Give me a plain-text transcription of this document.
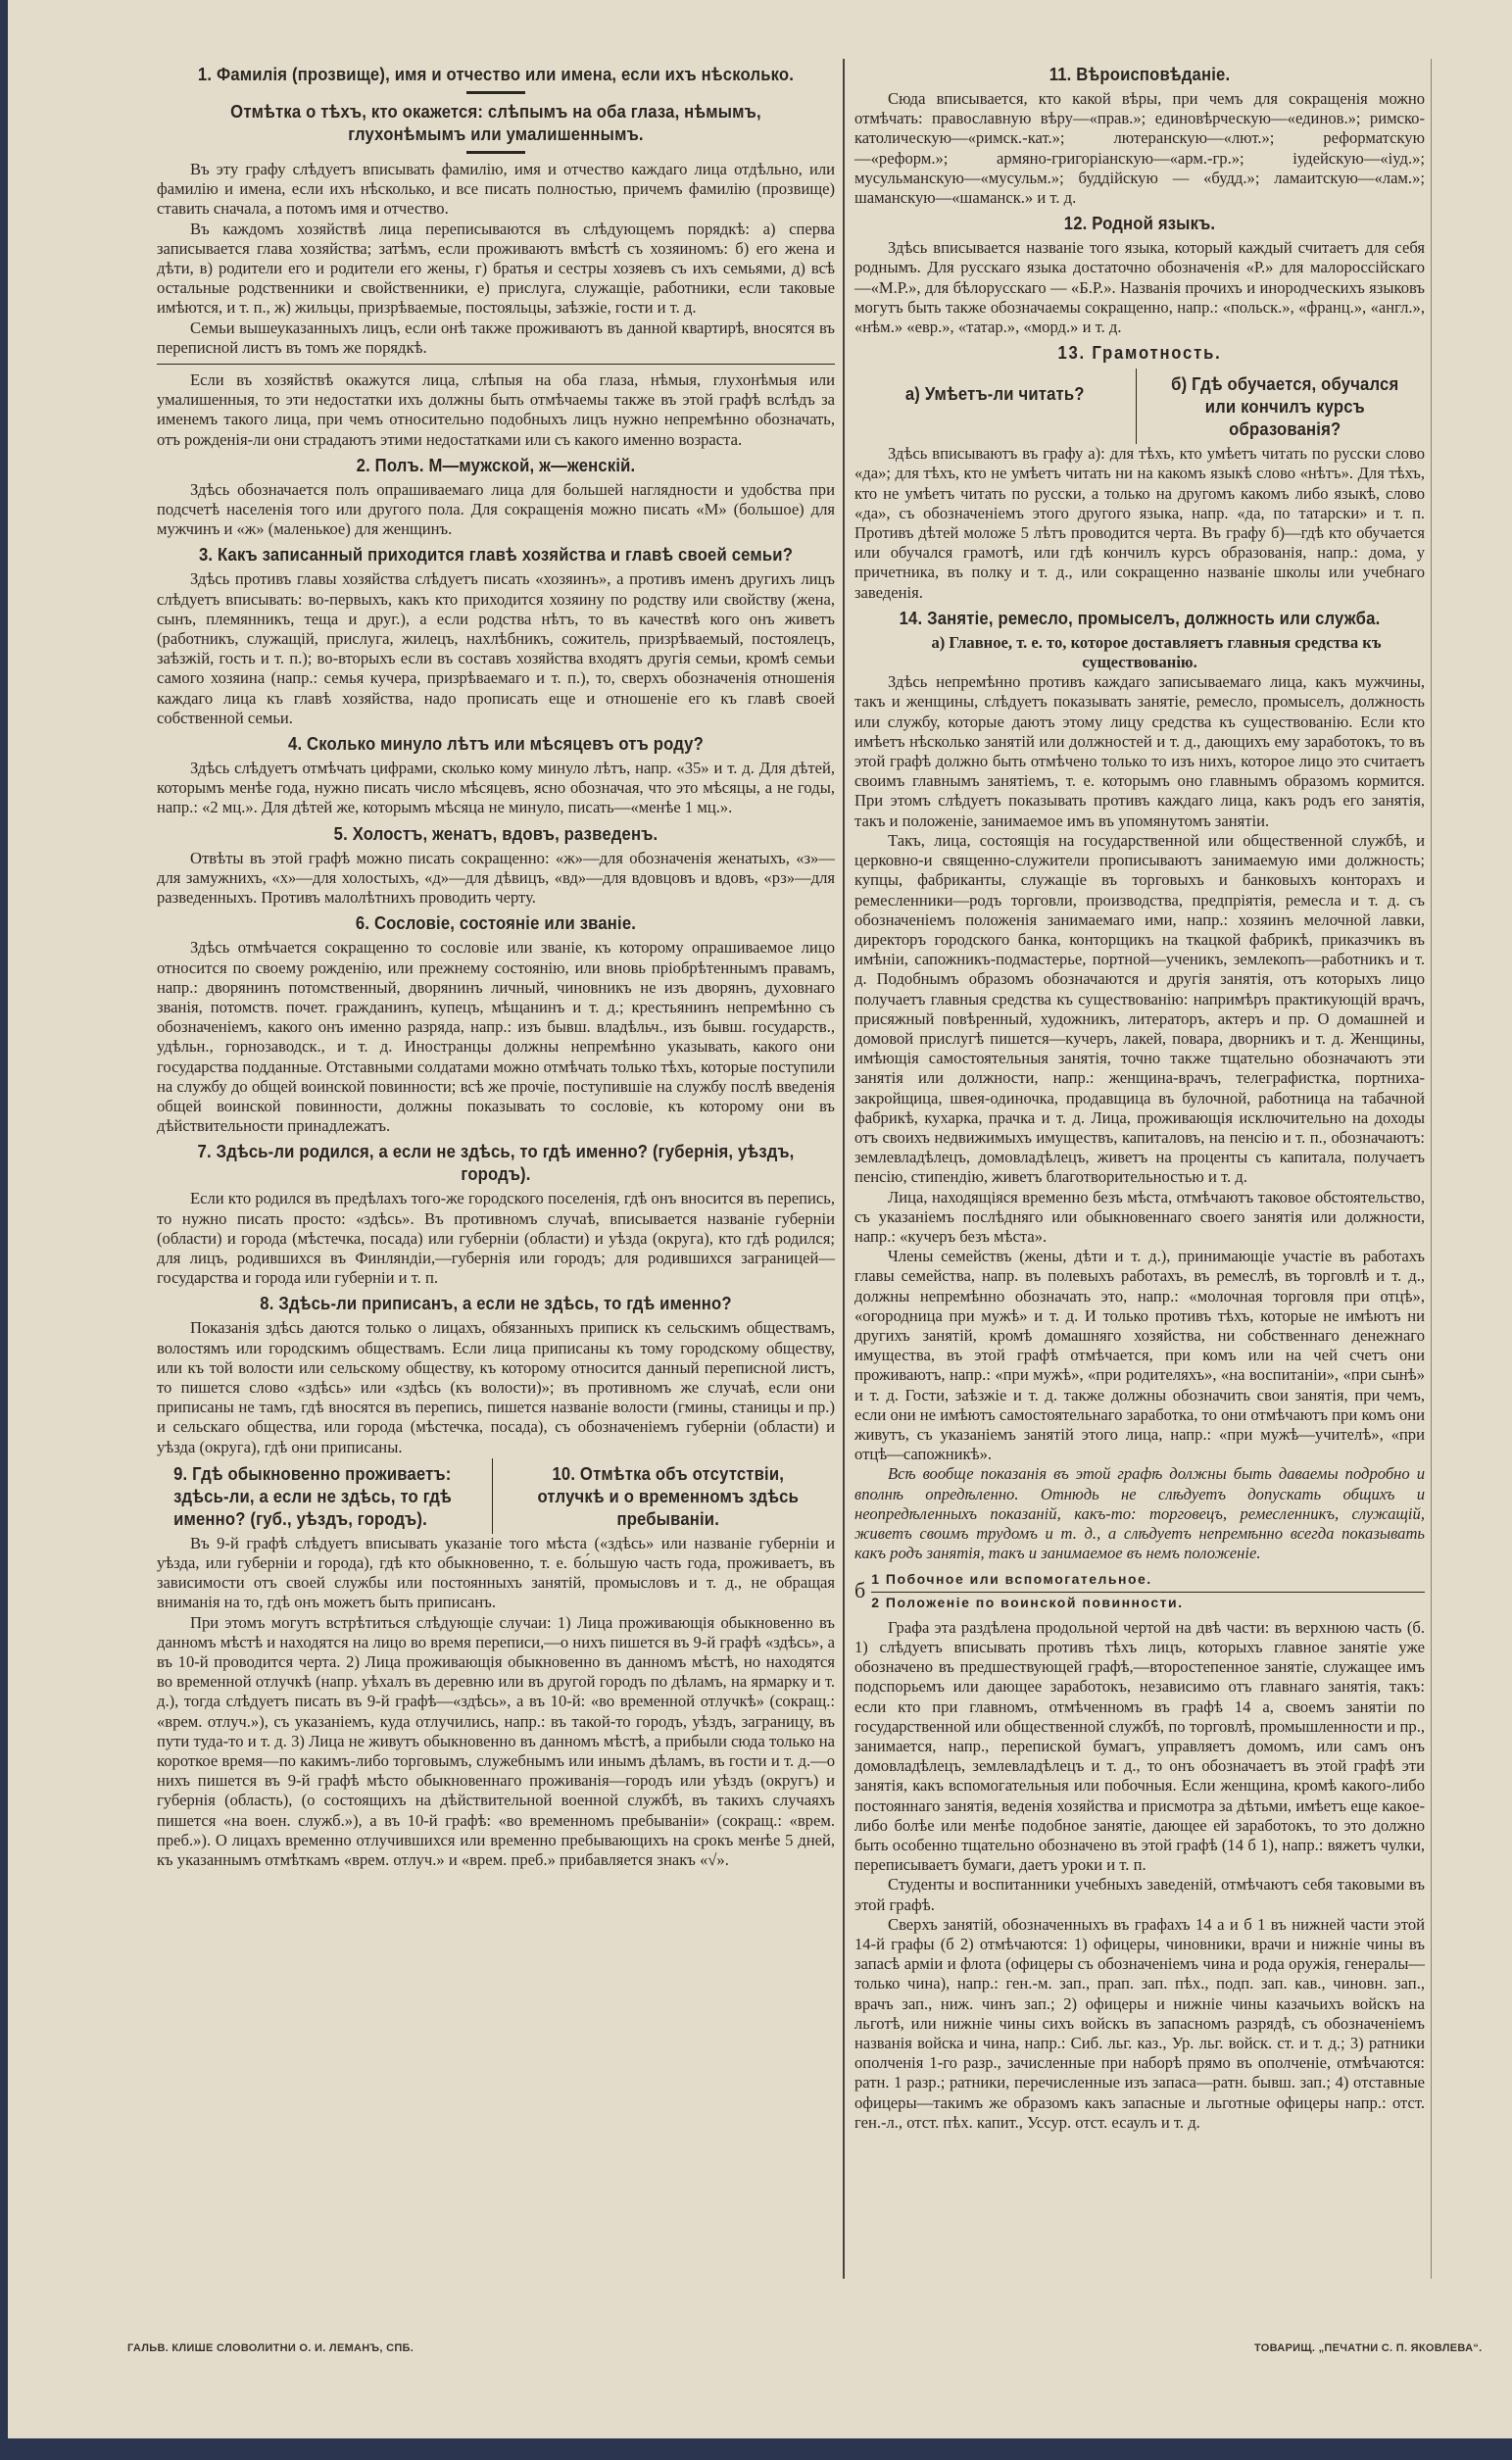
1. Фамилія (прозвище), имя и отчество или имена, если ихъ нѣсколько.
Отмѣтка о тѣхъ, кто окажется: слѣпымъ на оба глаза, нѣмымъ, глухонѣмымъ или умалишеннымъ.

Въ эту графу слѣдуетъ вписывать фамилію, имя и отчество каждаго лица отдѣльно, или фамилію и имена, если ихъ нѣсколько, и все писать полностью, причемъ фамилію (прозвище) ставить сначала, а потомъ имя и отчество.

Въ каждомъ хозяйствѣ лица переписываются въ слѣдующемъ порядкѣ: а) сперва записывается глава хозяйства; затѣмъ, если проживаютъ вмѣстѣ съ хозяиномъ: б) его жена и дѣти, в) родители его и родители его жены, г) братья и сестры хозяевъ съ ихъ семьями, д) всѣ остальные родственники и свойственники, е) прислуга, служащіе, работники, если таковые имѣются, и т. п., ж) жильцы, призрѣваемые, постояльцы, заѣзжіе, гости и т. д.

Семьи вышеуказанныхъ лицъ, если онѣ также проживаютъ въ данной квартирѣ, вносятся въ переписной листъ въ томъ же порядкѣ.

Если въ хозяйствѣ окажутся лица, слѣпыя на оба глаза, нѣмыя, глухонѣмыя или умалишенныя, то эти недостатки ихъ должны быть отмѣчаемы также въ этой графѣ вслѣдъ за именемъ такого лица, при чемъ относительно подобныхъ лицъ нужно непремѣнно обозначать, отъ рожденія-ли они страдаютъ этими недостатками или съ какого именно возраста.

2. Полъ. М—мужской, ж—женскій.

Здѣсь обозначается полъ опрашиваемаго лица для большей наглядности и удобства при подсчетѣ населенія того или другого пола. Для сокращенія можно писать «М» (большое) для мужчинъ и «ж» (маленькое) для женщинъ.

3. Какъ записанный приходится главѣ хозяйства и главѣ своей семьи?

Здѣсь противъ главы хозяйства слѣдуетъ писать «хозяинъ», а противъ именъ другихъ лицъ слѣдуетъ вписывать: во-первыхъ, какъ кто приходится хозяину по родству или свойству (жена, сынъ, племянникъ, теща и друг.), а если родства нѣтъ, то въ качествѣ кого онъ живетъ (работникъ, служащій, прислуга, жилецъ, нахлѣбникъ, сожитель, призрѣваемый, постоялецъ, заѣзжій, гость и т. п.); во-вторыхъ если въ составъ хозяйства входятъ другія семьи, кромѣ семьи самого хозяина (напр.: семья кучера, призрѣваемаго и т. п.), то, сверхъ обозначенія отношенія каждаго лица къ главѣ хозяйства, надо прописать еще и отношеніе его къ главѣ своей собственной семьи.

4. Сколько минуло лѣтъ или мѣсяцевъ отъ роду?

Здѣсь слѣдуетъ отмѣчать цифрами, сколько кому минуло лѣтъ, напр. «35» и т. д. Для дѣтей, которымъ менѣе года, нужно писать число мѣсяцевъ, ясно обозначая, что это мѣсяцы, а не годы, напр.: «2 мц.». Для дѣтей же, которымъ мѣсяца не минуло, писать—«менѣе 1 мц.».

5. Холостъ, женатъ, вдовъ, разведенъ.

Отвѣты въ этой графѣ можно писать сокращенно: «ж»—для обозначенія женатыхъ, «з»—для замужнихъ, «х»—для холостыхъ, «д»—для дѣвицъ, «вд»—для вдовцовъ и вдовъ, «рз»—для разведенныхъ. Противъ малолѣтнихъ проводить черту.

6. Сословіе, состояніе или званіе.

Здѣсь отмѣчается сокращенно то сословіе или званіе, къ которому опрашиваемое лицо относится по своему рожденію, или прежнему состоянію, или вновь пріобрѣтеннымъ правамъ, напр.: дворянинъ потомственный, дворянинъ личный, чиновникъ не изъ дворянъ, духовнаго званія, потомств. почет. гражданинъ, купецъ, мѣщанинъ и т. д.; крестьянинъ непремѣнно съ обозначеніемъ, какого онъ именно разряда, напр.: изъ бывш. владѣльч., изъ бывш. государств., удѣльн., горнозаводск., и т. д. Иностранцы должны непремѣнно указывать, какого они государства подданные. Отставными солдатами можно отмѣчать только тѣхъ, которые поступили на службу до общей воинской повинности; всѣ же прочіе, поступившіе на службу послѣ введенія общей воинской повинности, должны показывать то сословіе, къ которому они въ дѣйствительности принадлежатъ.

7. Здѣсь-ли родился, а если не здѣсь, то гдѣ именно? (губернія, уѣздъ, городъ).

Если кто родился въ предѣлахъ того-же городского поселенія, гдѣ онъ вносится въ перепись, то нужно писать просто: «здѣсь». Въ противномъ случаѣ, вписывается названіе губерніи (области) и города (мѣстечка, посада) или губерніи (области) и уѣзда (округа), кто гдѣ родился; для лицъ, родившихся въ Финляндіи,—губернія или городъ; для родившихся заграницей—государства и города или губерніи и т. п.

8. Здѣсь-ли приписанъ, а если не здѣсь, то гдѣ именно?

Показанія здѣсь даются только о лицахъ, обязанныхъ приписк къ сельскимъ обществамъ, волостямъ или городскимъ обществамъ. Если лица приписаны къ тому городскому обществу, или къ той волости или сельскому обществу, къ которому относится данный переписной листъ, то пишется слово «здѣсь» или «здѣсь (къ волости)»; въ противномъ же случаѣ, если они приписаны не тамъ, гдѣ вносятся въ перепись, пишется названіе волости (гмины, станицы и пр.) и сельскаго общества, или города (мѣстечка, посада), съ обозначеніемъ губерніи (области) и уѣзда (округа), гдѣ они приписаны.

9. Гдѣ обыкновенно проживаетъ: здѣсь-ли, а если не здѣсь, то гдѣ именно? (губ., уѣздъ, городъ).
10. Отмѣтка объ отсутствіи, отлучкѣ и о временномъ здѣсь пребываніи.

Въ 9-й графѣ слѣдуетъ вписывать указаніе того мѣста («здѣсь» или названіе губерніи и уѣзда, или губерніи и города), гдѣ кто обыкновенно, т. е. бо́льшую часть года, проживаетъ, въ зависимости отъ своей службы или постоянныхъ занятій, промысловъ и т. д., не обращая вниманія на то, гдѣ онъ можетъ быть приписанъ.

При этомъ могутъ встрѣтиться слѣдующіе случаи: 1) Лица проживающія обыкновенно въ данномъ мѣстѣ и находятся на лицо во время переписи,—о нихъ пишется въ 9-й графѣ «здѣсь», а въ 10-й проводится черта. 2) Лица проживающія обыкновенно въ данномъ мѣстѣ, но находятся во временной отлучкѣ (напр. уѣхалъ въ деревню или въ другой городъ по дѣламъ, на ярмарку и т. д.), тогда слѣдуетъ писать въ 9-й графѣ—«здѣсь», а въ 10-й: «во временной отлучкѣ» (сокращ.: «врем. отлуч.»), съ указаніемъ, куда отлучились, напр.: въ такой-то городъ, уѣздъ, заграницу, въ пути туда-то и т. д. 3) Лица не живутъ обыкновенно въ данномъ мѣстѣ, а прибыли сюда только на короткое время—по какимъ-либо торговымъ, служебнымъ или инымъ дѣламъ, въ гости и т. д.—о нихъ пишется въ 9-й графѣ мѣсто обыкновеннаго проживанія—городъ или уѣздъ (округъ) и губернія (область), (о состоящихъ на дѣйствительной военной службѣ, въ такихъ случаяхъ пишется «на воен. служб.»), а въ 10-й графѣ: «во временномъ пребываніи» (сокращ.: «врем. преб.»). О лицахъ временно отлучившихся или временно пребывающихъ на срокъ менѣе 5 дней, къ указаннымъ отмѣткамъ «врем. отлуч.» и «врем. преб.» прибавляется знакъ «√».

11. Вѣроисповѣданіе.

Сюда вписывается, кто какой вѣры, при чемъ для сокращенія можно отмѣчать: православную вѣру—«прав.»; единовѣрческую—«единов.»; римско-католическую—«римск.-кат.»; лютеранскую—«лют.»; реформатскую—«реформ.»; армяно-григоріанскую—«арм.-гр.»; іудейскую—«іуд.»; мусульманскую—«мусульм.»; буддійскую — «будд.»; ламаитскую—«лам.»; шаманскую—«шаманск.» и т. д.

12. Родной языкъ.

Здѣсь вписывается названіе того языка, который каждый считаетъ для себя роднымъ. Для русскаго языка достаточно обозначенія «Р.» для малороссійскаго—«М.Р.», для бѣлорусскаго — «Б.Р.». Названія прочихъ и инородческихъ языковъ могутъ быть также обозначаемы сокращенно, напр.: «польск.», «франц.», «англ.», «нѣм.» «евр.», «татар.», «морд.» и т. д.

13. Грамотность.
а) Умѣетъ-ли читать?	б) Гдѣ обучается, обучался или кончилъ курсъ образованія?

Здѣсь вписываютъ въ графу а): для тѣхъ, кто умѣетъ читать по русски слово «да»; для тѣхъ, кто не умѣетъ читать ни на какомъ языкѣ слово «нѣтъ». Для тѣхъ, кто не умѣетъ читать по русски, а только на другомъ какомъ либо языкѣ, слово «да», съ обозначеніемъ этого другого языка, напр. «да, по татарски» и т. п. Противъ дѣтей моложе 5 лѣтъ проводится черта. Въ графу б)—гдѣ кто обучается или обучался грамотѣ, или гдѣ кончилъ курсъ образованія, напр.: дома, у причетника, въ полку и т. д., или сокращенно названіе школы или учебнаго заведенія.

14. Занятіе, ремесло, промыселъ, должность или служба.

а) Главное, т. е. то, которое доставляетъ главныя средства къ существованію.

Здѣсь непремѣнно противъ каждаго записываемаго лица, какъ мужчины, такъ и женщины, слѣдуетъ показывать занятіе, ремесло, промыселъ, должность или службу, которые даютъ этому лицу средства къ существованію. Если кто имѣетъ нѣсколько занятій или должностей и т. д., дающихъ ему заработокъ, то въ этой графѣ должно быть отмѣчено только то изъ нихъ, которое лицо это считаетъ своимъ главнымъ занятіемъ, т. е. которымъ оно главнымъ образомъ кормится. При этомъ слѣдуетъ показывать противъ каждаго лица, какъ родъ его занятія, такъ и положеніе, занимаемое имъ въ упомянутомъ занятіи.

Такъ, лица, состоящія на государственной или общественной службѣ, и церковно-и священно-служители прописываютъ занимаемую ими должность; купцы, фабриканты, служащіе въ торговыхъ и банковыхъ конторахъ и ремесленники—родъ торговли, производства, предпріятія, ремесла и т. д. съ обозначеніемъ положенія занимаемаго ими, напр.: хозяинъ мелочной лавки, директоръ городского банка, конторщикъ на ткацкой фабрикѣ, приказчикъ въ имѣніи, сапожникъ-подмастерье, портной—ученикъ, землекопъ—работникъ и т. д. Подобнымъ образомъ обозначаются и другія занятія, отъ которыхъ лицо получаетъ главныя средства къ существованію: напримѣръ практикующій врачъ, присяжный повѣренный, художникъ, литераторъ, актеръ и пр. О домашней и домовой прислугѣ пишется—кучеръ, лакей, повара, дворникъ и т. д. Женщины, имѣющія самостоятельныя занятія, точно также тщательно обозначаютъ эти занятія или должности, напр.: женщина-врачъ, телеграфистка, портниха-закройщица, швея-одиночка, продавщица въ булочной, работница на табачной фабрикѣ, кухарка, прачка и т. д. Лица, проживающія исключительно на доходы отъ своихъ недвижимыхъ имуществъ, капиталовъ, на пенсію и т. п., обозначаютъ: землевладѣлецъ, домовладѣлецъ, живетъ на проценты съ капитала, получаетъ пенсію, стипендію, живетъ благотворительностью и т. д.

Лица, находящіяся временно безъ мѣста, отмѣчаютъ таковое обстоятельство, съ указаніемъ послѣдняго или обыкновеннаго своего занятія или должности, напр.: «кучеръ безъ мѣста».

Члены семействъ (жены, дѣти и т. д.), принимающіе участіе въ работахъ главы семейства, напр. въ полевыхъ работахъ, въ ремеслѣ, въ торговлѣ и т. д., должны непремѣнно обозначать это, напр.: «молочная торговля при отцѣ», «огородница при мужѣ» и т. д. И только противъ тѣхъ, которые не имѣютъ ни другихъ занятій, кромѣ домашняго хозяйства, ни собственнаго денежнаго имущества, въ этой графѣ отмѣчается, при комъ или на чей счетъ они проживаютъ, напр.: «при мужѣ», «при родителяхъ», «на воспитаніи», «при сынѣ» и т. д. Гости, заѣзжіе и т. д. также должны обозначить свои занятія, при чемъ, если они не имѣютъ самостоятельнаго заработка, то они отмѣчаютъ при комъ они живутъ, съ указаніемъ занятій этого лица, напр.: «при мужѣ—учителѣ», «при отцѣ—сапожникѣ».

Всѣ вообще показанія въ этой графѣ должны быть даваемы подробно и вполнѣ опредѣленно. Отнюдь не слѣдуетъ допускать общихъ и неопредѣленныхъ показаній, какъ-то: торговецъ, ремесленникъ, служащій, живетъ своимъ трудомъ и т. д., а слѣдуетъ непремѣнно всегда показывать какъ родъ занятія, такъ и занимаемое въ немъ положеніе.

б 1 Побочное или вспомогательное.
2 Положеніе по воинской повинности.

Графа эта раздѣлена продольной чертой на двѣ части: въ верхнюю часть (б. 1) слѣдуетъ вписывать противъ тѣхъ лицъ, которыхъ главное занятіе уже обозначено въ предшествующей графѣ,—второстепенное занятіе, служащее имъ подспорьемъ или дающее заработокъ, независимо отъ главнаго занятія, такъ: если кто при главномъ, отмѣченномъ въ графѣ 14 а, своемъ занятіи по государственной или общественной службѣ, по торговлѣ, промышленности и пр., занимается, напр., перепиской бумагъ, управляетъ домомъ, или самъ онъ домовладѣлецъ, землевладѣлецъ и т. д., то онъ обозначаетъ въ этой графѣ эти занятія, какъ вспомогательныя или побочныя. Если женщина, кромѣ какого-либо постояннаго занятія, веденія хозяйства и присмотра за дѣтьми, имѣетъ еще какое-либо болѣе или менѣе подобное занятіе, дающее ей заработокъ, то это должно быть особенно тщательно обозначено въ этой графѣ (14 б 1), напр.: вяжетъ чулки, переписываетъ бумаги, даетъ уроки и т. п.

Студенты и воспитанники учебныхъ заведеній, отмѣчаютъ себя таковыми въ этой графѣ.

Сверхъ занятій, обозначенныхъ въ графахъ 14 а и б 1 въ нижней части этой 14-й графы (б 2) отмѣчаются: 1) офицеры, чиновники, врачи и нижніе чины въ запасѣ арміи и флота (офицеры съ обозначеніемъ чина и рода оружія, генералы—только чина), напр.: ген.-м. зап., прап. зап. пѣх., подп. зап. кав., чиновн. зап., врачъ зап., ниж. чинъ зап.; 2) офицеры и нижніе чины казачьихъ войскъ на льготѣ, или нижніе чины сихъ войскъ въ запасномъ разрядѣ, съ обозначеніемъ названія войска и чина, напр.: Сиб. льг. каз., Ур. льг. войск. ст. и т. д.; 3) ратники ополченія 1-го разр., зачисленные при наборѣ прямо въ ополченіе, отмѣчаются: ратн. 1 разр.; ратники, перечисленные изъ запаса—ратн. бывш. зап.; 4) отставные офицеры—такимъ же образомъ какъ запасные и льготные офицеры напр.: отст. ген.-л., отст. пѣх. капит., Уссур. отст. есаулъ и т. д.

ГАЛЬВ. КЛИШЕ СЛОВОЛИТНИ О. И. ЛЕМАНЪ, СПБ.	ТОВАРИЩ. „ПЕЧАТНИ С. П. ЯКОВЛЕВА“.
